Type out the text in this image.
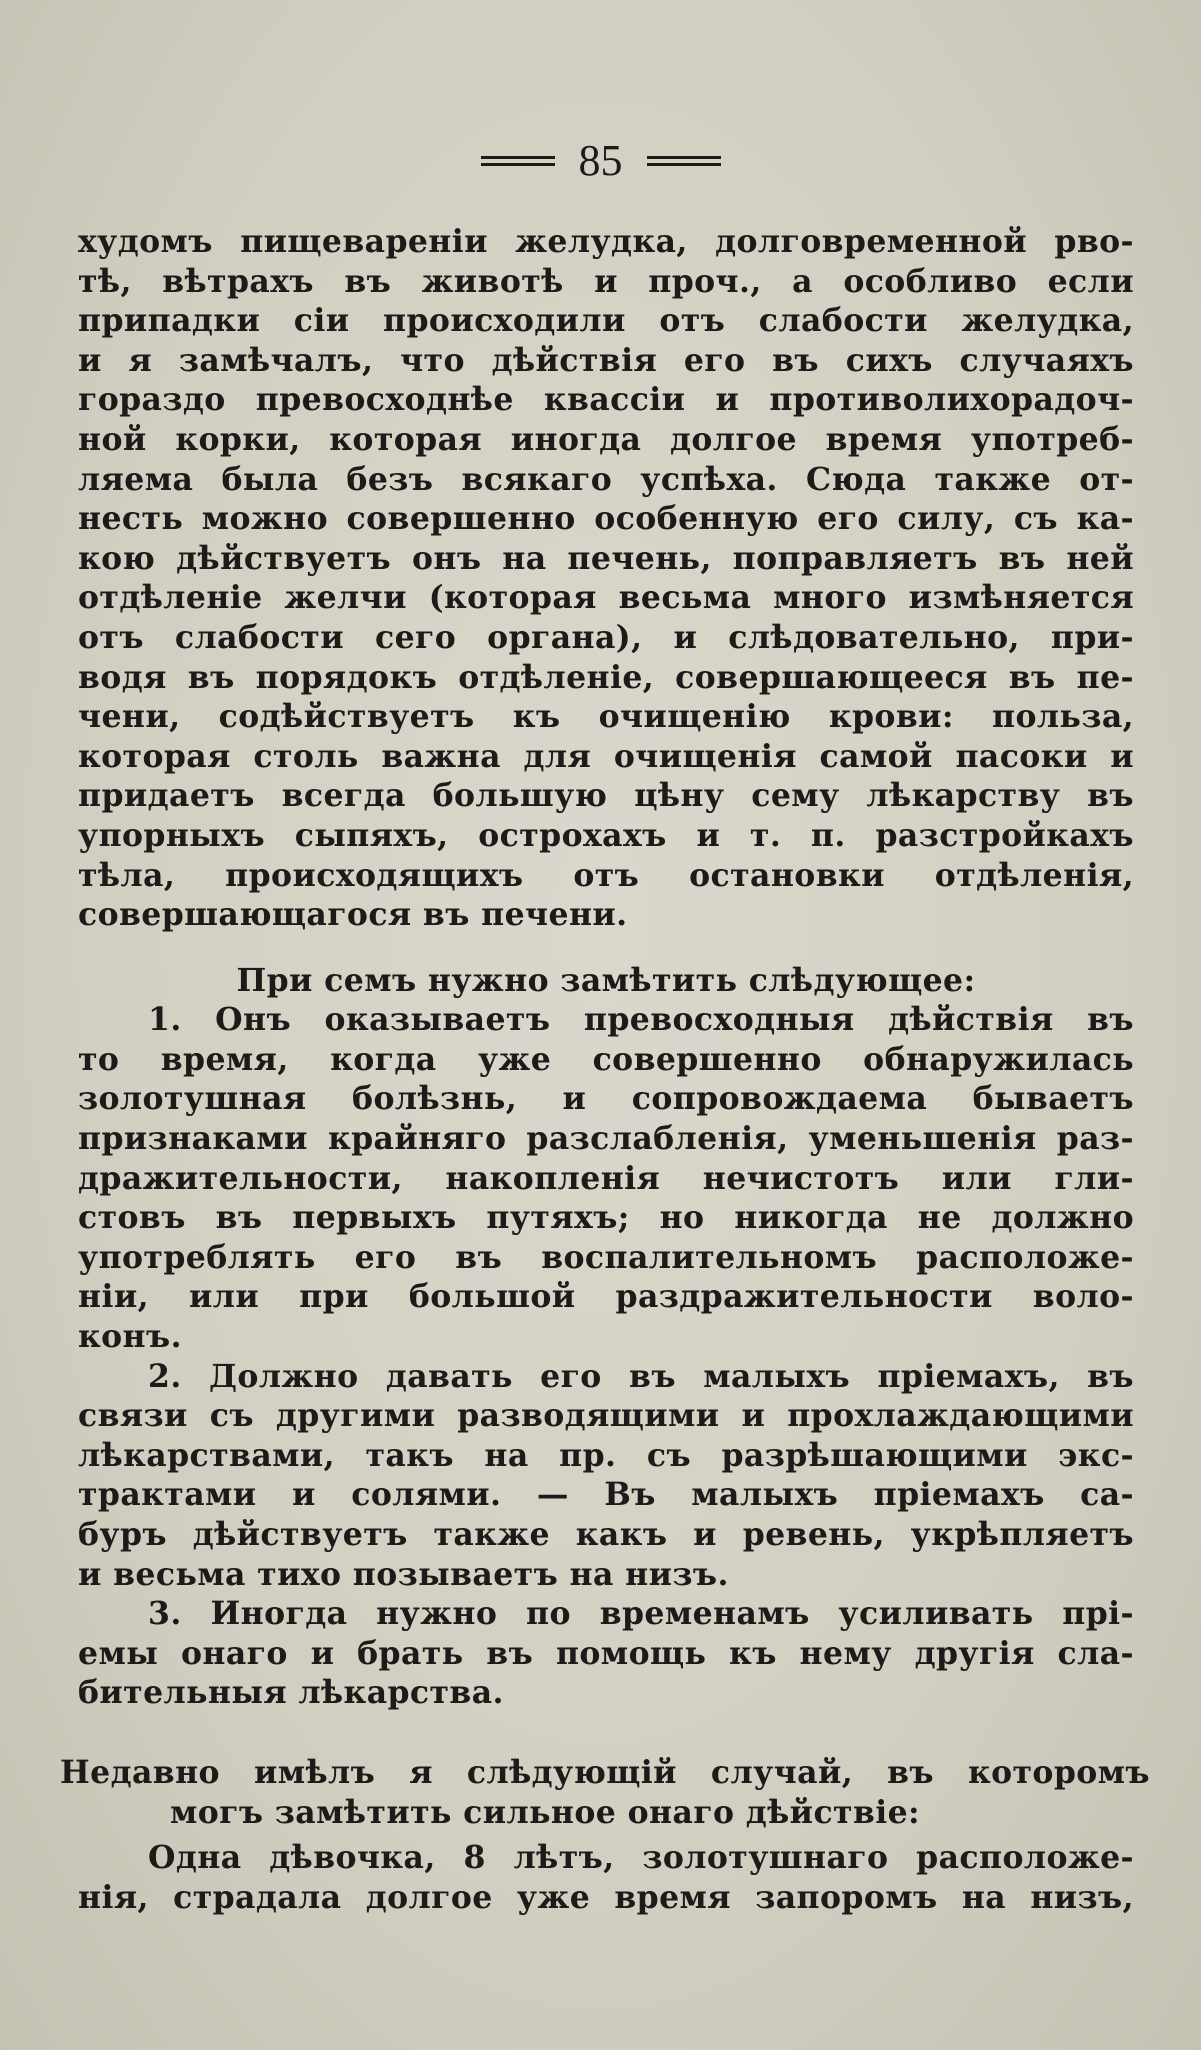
85
худомъ пищевареніи желудка, долговременной рво-
тѣ, вѣтрахъ въ животѣ и проч., а особливо если
припадки сіи происходили отъ слабости желудка,
и я замѣчалъ, что дѣйствія его въ сихъ случаяхъ
гораздо превосходнѣе квассіи и противолихорадоч-
ной корки, которая иногда долгое время употреб-
ляема была безъ всякаго успѣха. Сюда также от-
несть можно совершенно особенную его силу, съ ка-
кою дѣйствуетъ онъ на печень, поправляетъ въ ней
отдѣленіе желчи (которая весьма много измѣняется
отъ слабости сего органа), и слѣдовательно, при-
водя въ порядокъ отдѣленіе, совершающееся въ пе-
чени, содѣйствуетъ къ очищенію крови: польза,
которая столь важна для очищенія самой пасоки и
придаетъ всегда большую цѣну сему лѣкарству въ
упорныхъ сыпяхъ, острохахъ и т. п. разстройкахъ
тѣла, происходящихъ отъ остановки отдѣленія,
совершающагося въ печени.
При семъ нужно замѣтить слѣдующее:
1. Онъ оказываетъ превосходныя дѣйствія въ
то время, когда уже совершенно обнаружилась
золотушная болѣзнь, и сопровождаема бываетъ
признаками крайняго разслабленія, уменьшенія раз-
дражительности, накопленія нечистотъ или гли-
стовъ въ первыхъ путяхъ; но никогда не должно
употреблять его въ воспалительномъ расположе-
ніи, или при большой раздражительности воло-
конъ.
2. Должно давать его въ малыхъ пріемахъ, въ
связи съ другими разводящими и прохлаждающими
лѣкарствами, такъ на пр. съ разрѣшающими экс-
трактами и солями. — Въ малыхъ пріемахъ са-
буръ дѣйствуетъ также какъ и ревень, укрѣпляетъ
и весьма тихо позываетъ на низъ.
3. Иногда нужно по временамъ усиливать прі-
емы онаго и брать въ помощь къ нему другія сла-
бительныя лѣкарства.
Недавно имѣлъ я слѣдующій случай, въ которомъ
могъ замѣтить сильное онаго дѣйствіе:
Одна дѣвочка, 8 лѣтъ, золотушнаго расположе-
нія, страдала долгое уже время запоромъ на низъ,
